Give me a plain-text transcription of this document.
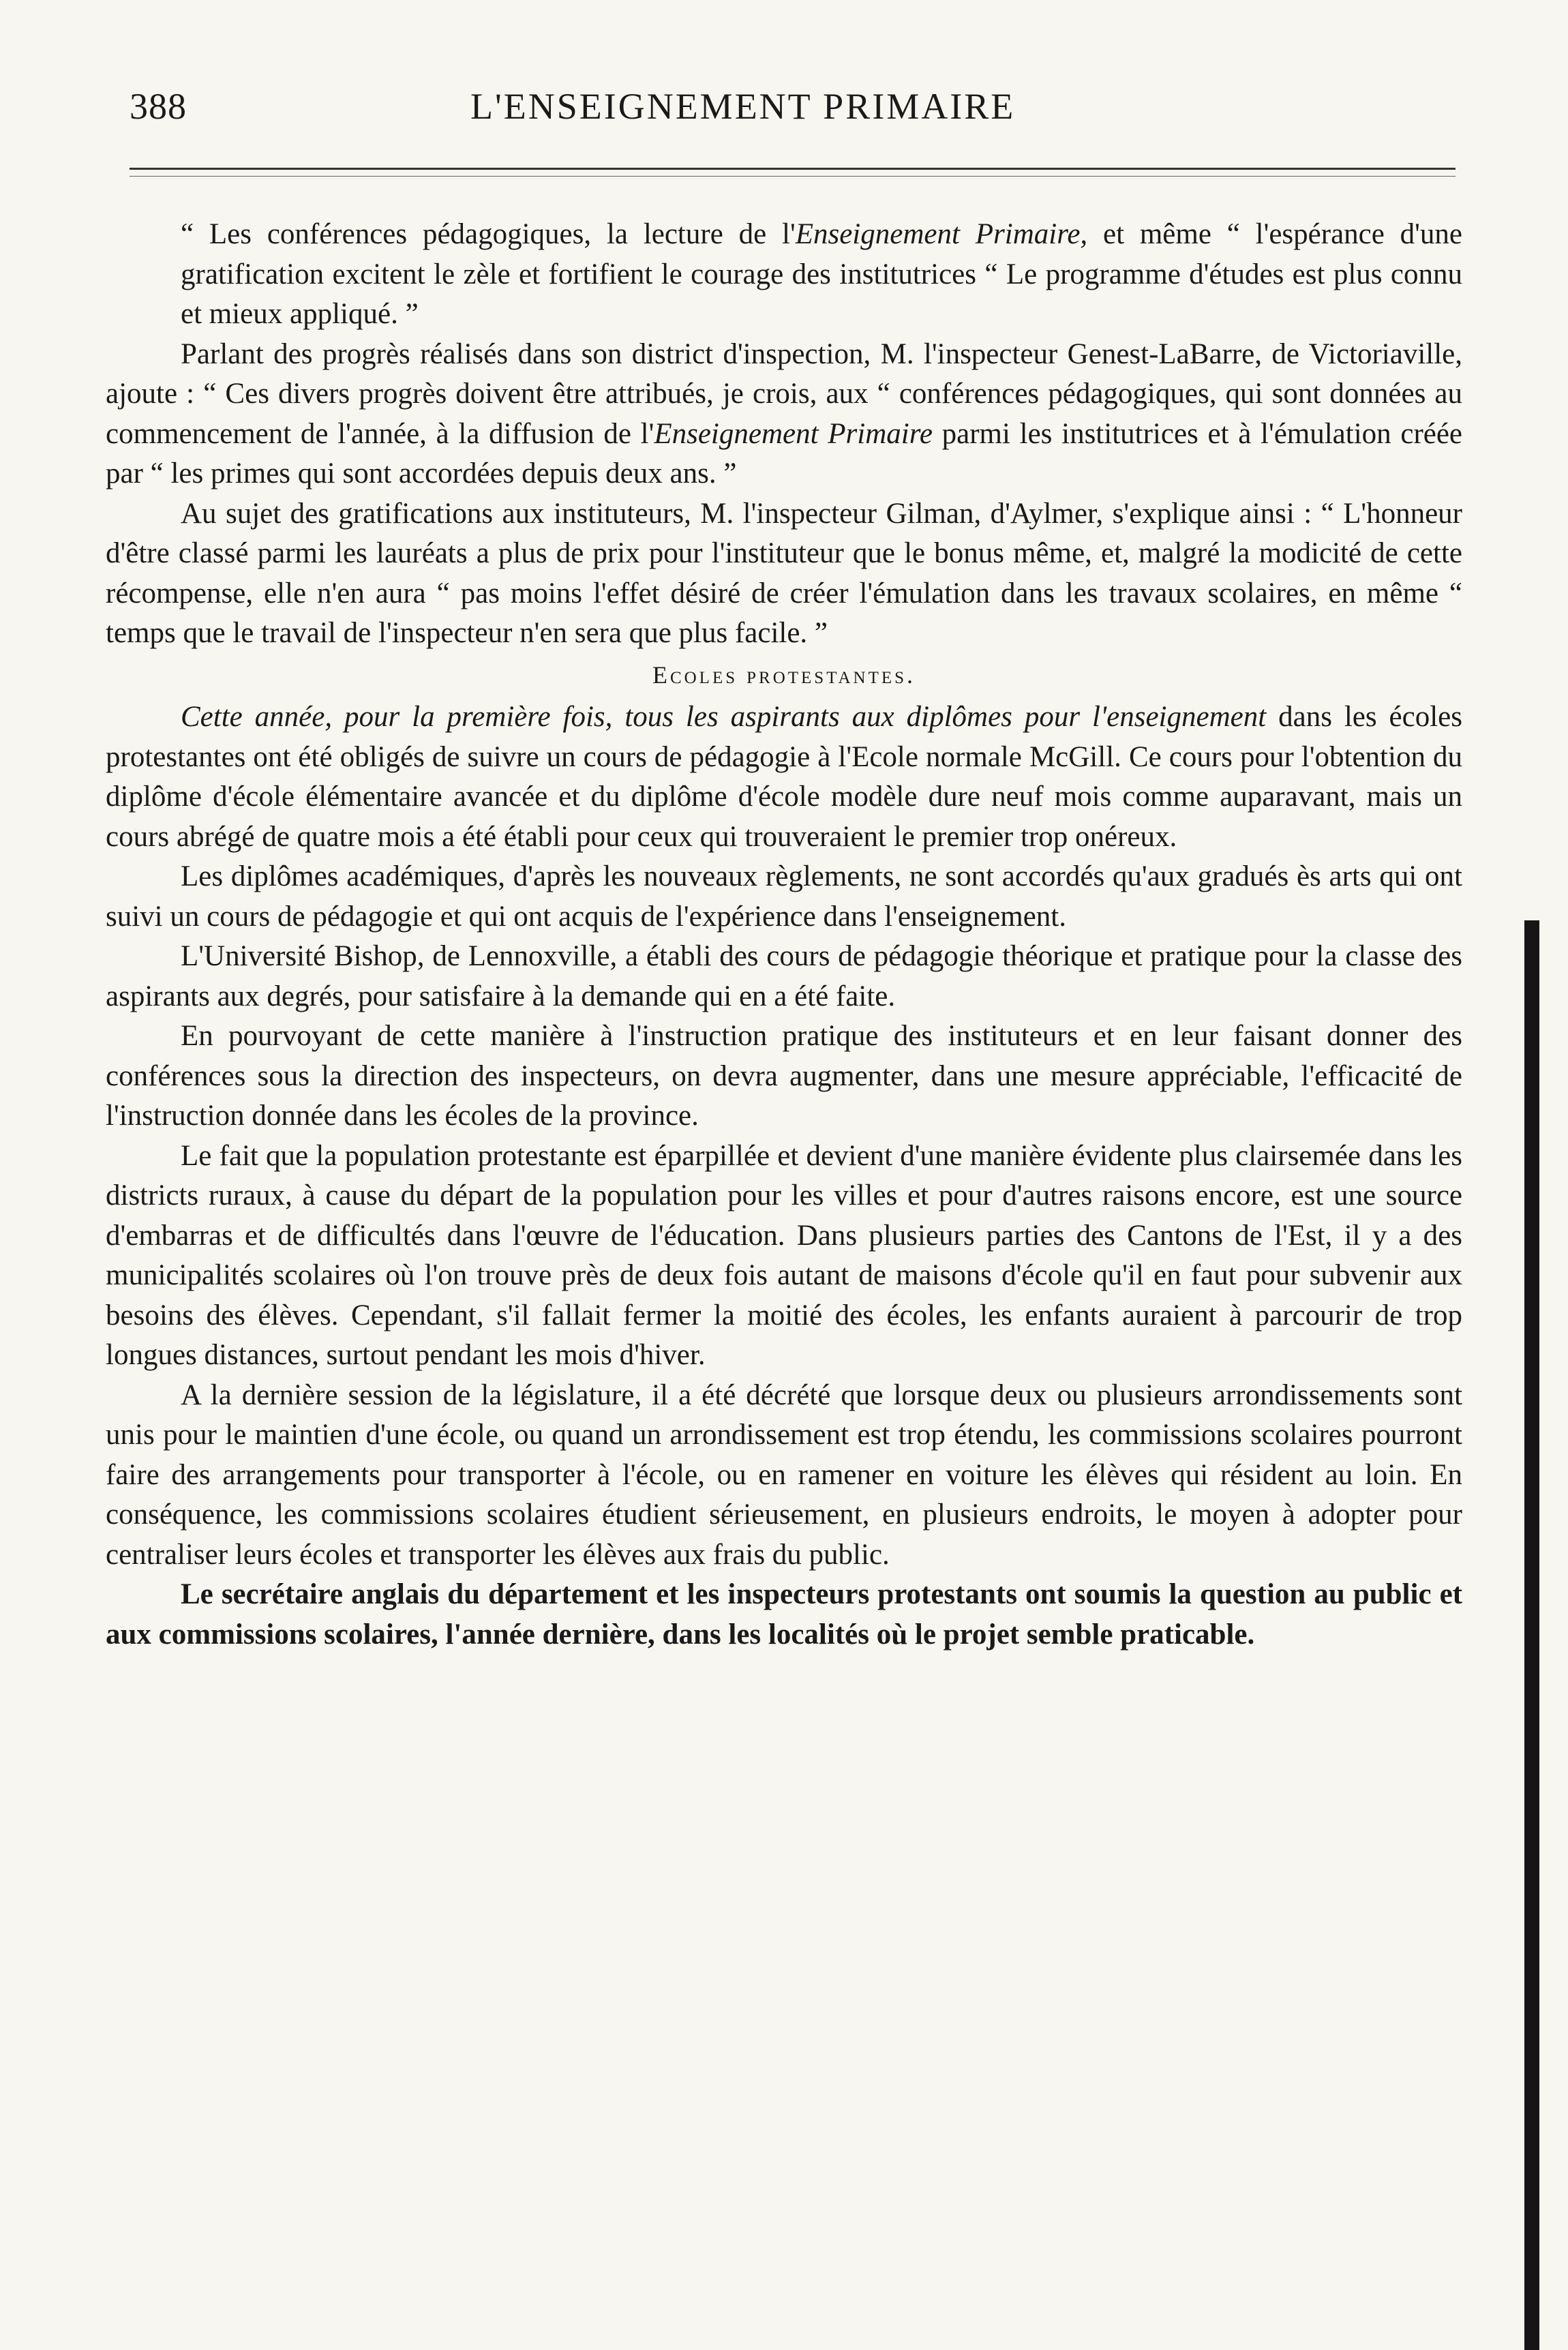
388	L'ENSEIGNEMENT PRIMAIRE

“ Les conférences pédagogiques, la lecture de l'Enseignement Primaire, et même “ l'espérance d'une gratification excitent le zèle et fortifient le courage des institutrices “ Le programme d'études est plus connu et mieux appliqué. ”

Parlant des progrès réalisés dans son district d'inspection, M. l'inspecteur Genest-LaBarre, de Victoriaville, ajoute : “ Ces divers progrès doivent être attribués, je crois, aux “ conférences pédagogiques, qui sont données au commencement de l'année, à la diffusion de l'Enseignement Primaire parmi les institutrices et à l'émulation créée par “ les primes qui sont accordées depuis deux ans. ”

Au sujet des gratifications aux instituteurs, M. l'inspecteur Gilman, d'Aylmer, s'explique ainsi : “ L'honneur d'être classé parmi les lauréats a plus de prix pour l'instituteur que le bonus même, et, malgré la modicité de cette récompense, elle n'en aura “ pas moins l'effet désiré de créer l'émulation dans les travaux scolaires, en même “ temps que le travail de l'inspecteur n'en sera que plus facile. ”

Ecoles protestantes.

Cette année, pour la première fois, tous les aspirants aux diplômes pour l'enseignement dans les écoles protestantes ont été obligés de suivre un cours de pédagogie à l'Ecole normale McGill. Ce cours pour l'obtention du diplôme d'école élémentaire avancée et du diplôme d'école modèle dure neuf mois comme auparavant, mais un cours abrégé de quatre mois a été établi pour ceux qui trouveraient le premier trop onéreux.

Les diplômes académiques, d'après les nouveaux règlements, ne sont accordés qu'aux gradués ès arts qui ont suivi un cours de pédagogie et qui ont acquis de l'expérience dans l'enseignement.

L'Université Bishop, de Lennoxville, a établi des cours de pédagogie théorique et pratique pour la classe des aspirants aux degrés, pour satisfaire à la demande qui en a été faite.

En pourvoyant de cette manière à l'instruction pratique des instituteurs et en leur faisant donner des conférences sous la direction des inspecteurs, on devra augmenter, dans une mesure appréciable, l'efficacité de l'instruction donnée dans les écoles de la province.

Le fait que la population protestante est éparpillée et devient d'une manière évidente plus clairsemée dans les districts ruraux, à cause du départ de la population pour les villes et pour d'autres raisons encore, est une source d'embarras et de difficultés dans l'œuvre de l'éducation. Dans plusieurs parties des Cantons de l'Est, il y a des municipalités scolaires où l'on trouve près de deux fois autant de maisons d'école qu'il en faut pour subvenir aux besoins des élèves. Cependant, s'il fallait fermer la moitié des écoles, les enfants auraient à parcourir de trop longues distances, surtout pendant les mois d'hiver.

A la dernière session de la législature, il a été décrété que lorsque deux ou plusieurs arrondissements sont unis pour le maintien d'une école, ou quand un arrondissement est trop étendu, les commissions scolaires pourront faire des arrangements pour transporter à l'école, ou en ramener en voiture les élèves qui résident au loin. En conséquence, les commissions scolaires étudient sérieusement, en plusieurs endroits, le moyen à adopter pour centraliser leurs écoles et transporter les élèves aux frais du public.

Le secrétaire anglais du département et les inspecteurs protestants ont soumis la question au public et aux commissions scolaires, l'année dernière, dans les localités où le projet semble praticable.
